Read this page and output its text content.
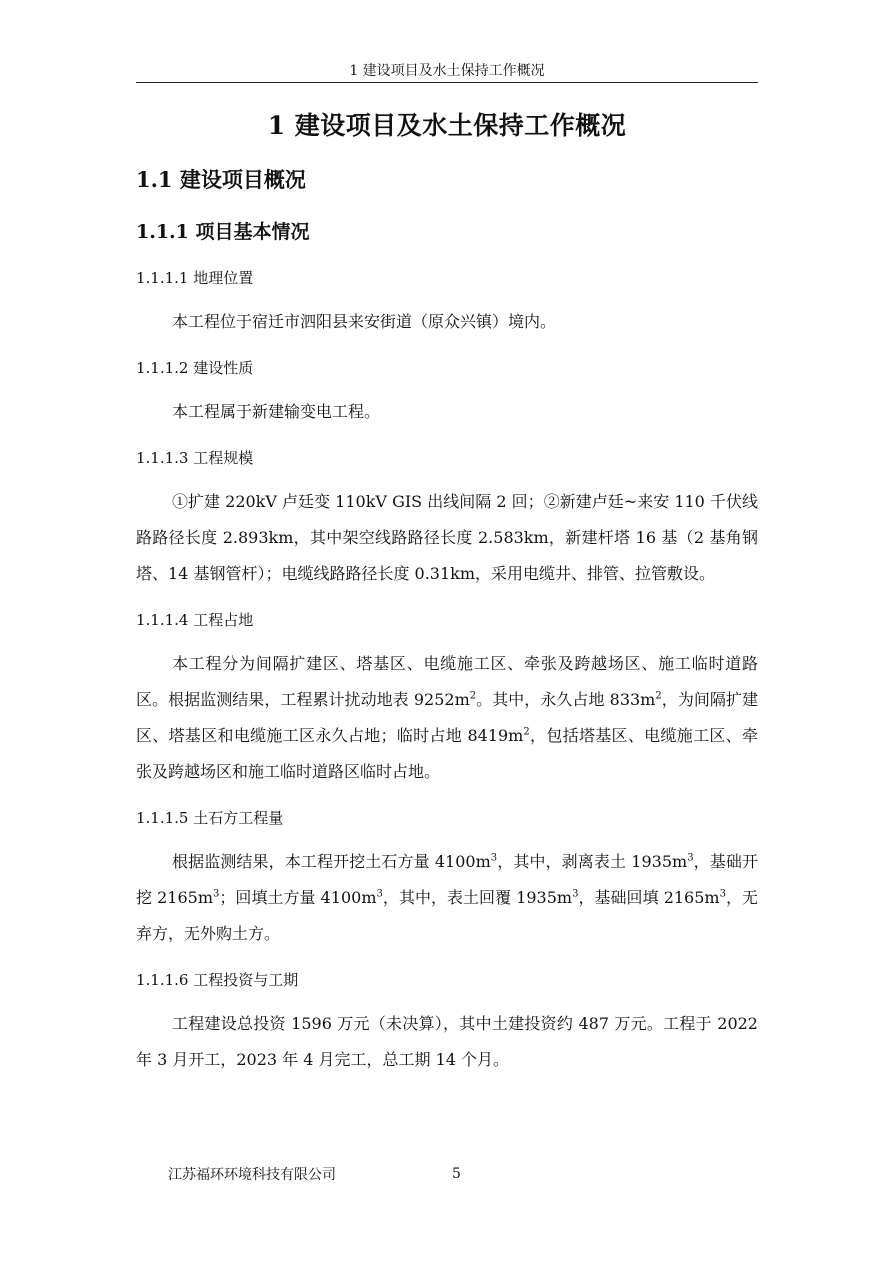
1 建设项目及水土保持工作概况
1 建设项目及水土保持工作概况
1.1 建设项目概况
1.1.1 项目基本情况
1.1.1.1 地理位置

本工程位于宿迁市泗阳县来安街道（原众兴镇）境内。

1.1.1.2 建设性质

本工程属于新建输变电工程。

1.1.1.3 工程规模

①扩建 220kV 卢廷变 110kV GIS 出线间隔 2 回；②新建卢廷~来安 110 千伏线路路径长度 2.893km，其中架空线路路径长度 2.583km，新建杆塔 16 基（2 基角钢塔、14 基钢管杆）；电缆线路路径长度 0.31km，采用电缆井、排管、拉管敷设。

1.1.1.4 工程占地

本工程分为间隔扩建区、塔基区、电缆施工区、牵张及跨越场区、施工临时道路区。根据监测结果，工程累计扰动地表 $9252m^2$。其中，永久占地 $833m^2$，为间隔扩建区、塔基区和电缆施工区永久占地；临时占地 $8419m^2$，包括塔基区、电缆施工区、牵张及跨越场区和施工临时道路区临时占地。

1.1.1.5 土石方工程量

根据监测结果，本工程开挖土石方量 $4100m^3$，其中，剥离表土 $1935m^3$，基础开挖 $2165m^3$；回填土方量 $4100m^3$，其中，表土回覆 $1935m^3$，基础回填 $2165m^3$，无弃方，无外购土方。

1.1.1.6 工程投资与工期

工程建设总投资 1596 万元（未决算），其中土建投资约 487 万元。工程于 2022 年 3 月开工，2023 年 4 月完工，总工期 14 个月。

江苏福环环境科技有限公司	5
